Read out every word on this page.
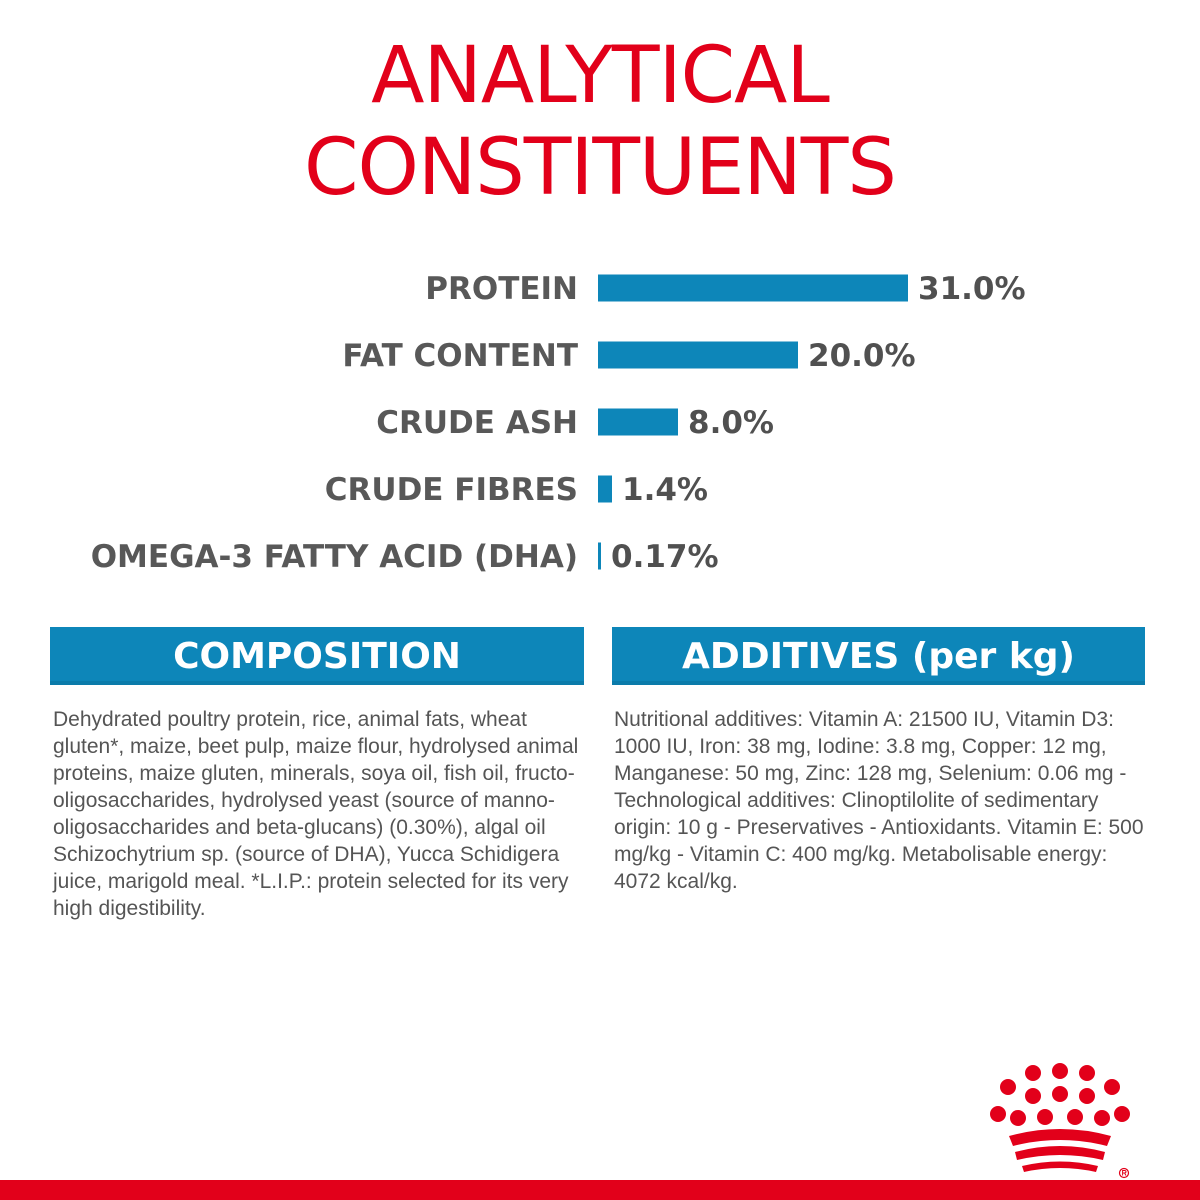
ANALYTICAL
CONSTITUENTS
PROTEIN	31.0%
FAT CONTENT	20.0%
CRUDE ASH	8.0%
CRUDE FIBRES 1.4%
OMEGA-3 FATTY ACID (DHA) 0.17%
COMPOSITION
Dehydrated poultry protein, rice, animal fats, wheat gluten*, maize, beet pulp, maize flour, hydrolysed animal proteins, maize gluten, minerals, soya oil, fish oil, fructo-oligosaccharides, hydrolysed yeast (source of manno-oligosaccharides and beta-glucans) (0.30%), algal oil Schizochytrium sp. (source of DHA), Yucca Schidigera juice, marigold meal. *L.I.P.: protein selected for its very high digestibility.
ADDITIVES (per kg)
Nutritional additives: Vitamin A: 21500 IU, Vitamin D3: 1000 IU, Iron: 38 mg, Iodine: 3.8 mg, Copper: 12 mg, Manganese: 50 mg, Zinc: 128 mg, Selenium: 0.06 mg - Technological additives: Clinoptilolite of sedimentary origin: 10 g - Preservatives - Antioxidants. Vitamin E: 500 mg/kg - Vitamin C: 400 mg/kg. Metabolisable energy: 4072 kcal/kg.
